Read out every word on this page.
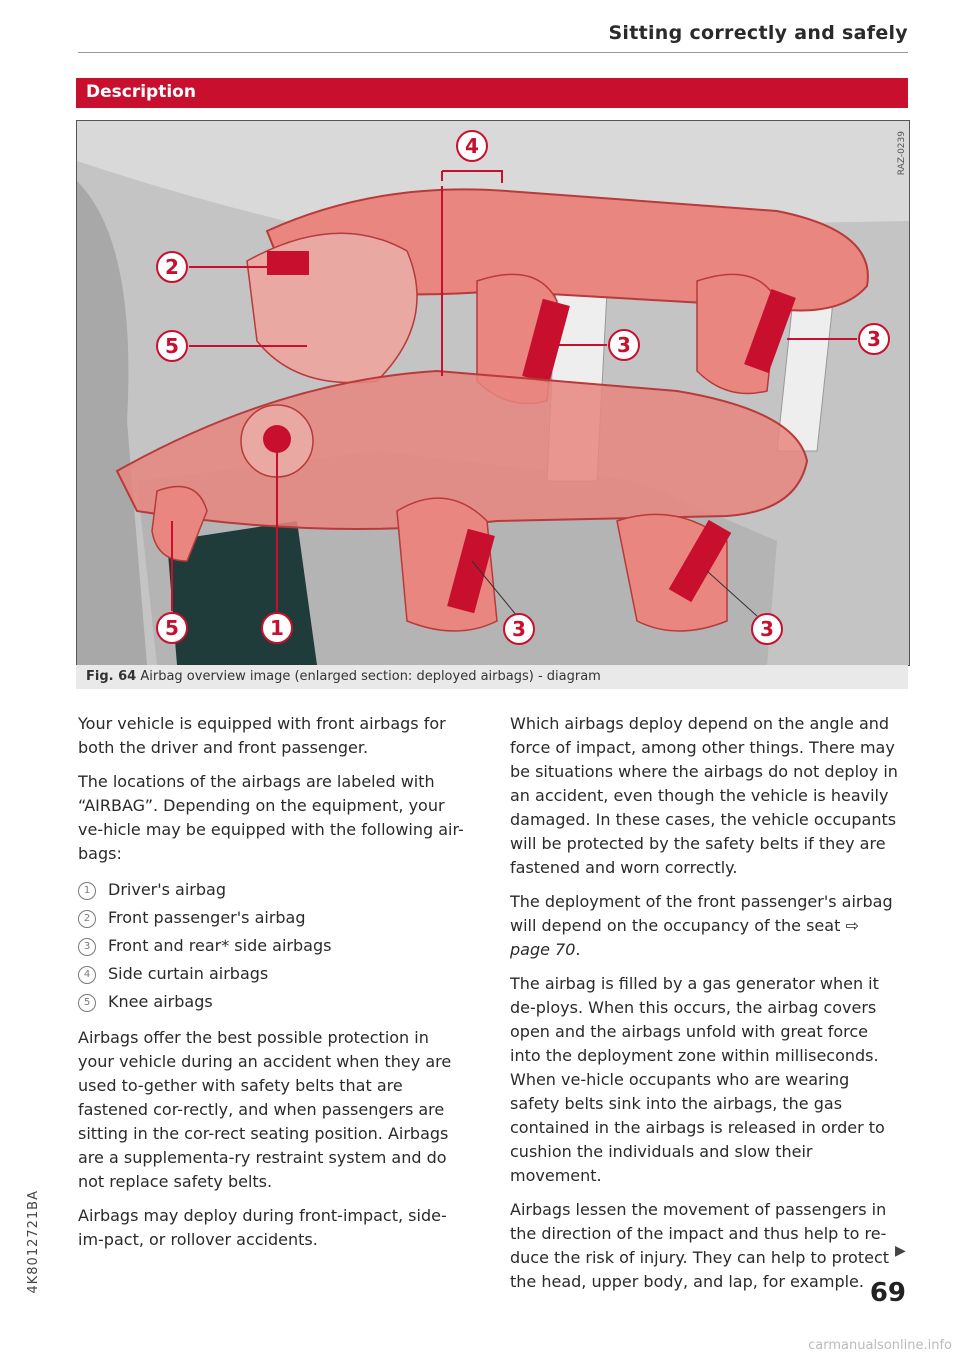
Sitting correctly and safely
Description
4
2
5	3	3
5	1	3	3
RAZ-0239
Fig. 64 Airbag overview image (enlarged section: deployed airbags) - diagram

Your vehicle is equipped with front airbags for both the driver and front passenger.

The locations of the airbags are labeled with “AIRBAG”. Depending on the equipment, your ve-hicle may be equipped with the following air-bags:

1 Driver's airbag
2 Front passenger's airbag
3 Front and rear* side airbags
4 Side curtain airbags
5 Knee airbags

Airbags offer the best possible protection in your vehicle during an accident when they are used to-gether with safety belts that are fastened cor-rectly, and when passengers are sitting in the cor-rect seating position. Airbags are a supplementa-ry restraint system and do not replace safety belts.

Airbags may deploy during front-impact, side-im-pact, or rollover accidents.

Which airbags deploy depend on the angle and force of impact, among other things. There may be situations where the airbags do not deploy in an accident, even though the vehicle is heavily damaged. In these cases, the vehicle occupants will be protected by the safety belts if they are fastened and worn correctly.

The deployment of the front passenger's airbag will depend on the occupancy of the seat ⇨ page 70.

The airbag is filled by a gas generator when it de-ploys. When this occurs, the airbag covers open and the airbags unfold with great force into the deployment zone within milliseconds. When ve-hicle occupants who are wearing safety belts sink into the airbags, the gas contained in the airbags is released in order to cushion the individuals and slow their movement.

Airbags lessen the movement of passengers in the direction of the impact and thus help to re-duce the risk of injury. They can help to protect the head, upper body, and lap, for example.

▶
69
4K8012721BA
carmanualsonline.info
